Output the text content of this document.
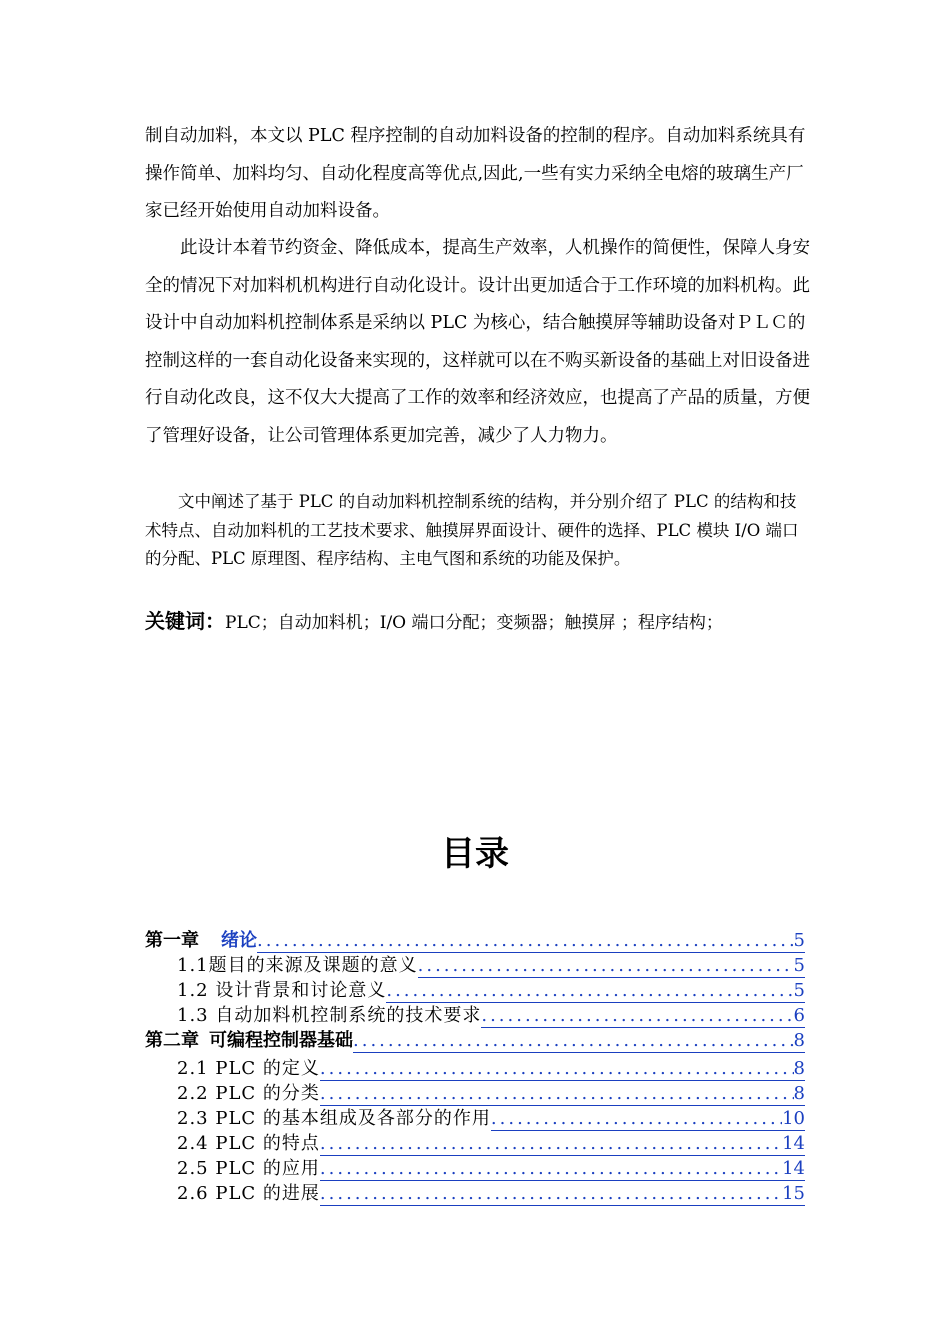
制自动加料，本文以 PLC 程序控制的自动加料设备的控制的程序。自动加料系统具有操作简单、加料均匀、自动化程度高等优点,因此,一些有实力采纳全电熔的玻璃生产厂家已经开始使用自动加料设备。

此设计本着节约资金、降低成本，提高生产效率，人机操作的简便性，保障人身安全的情况下对加料机机构进行自动化设计。设计出更加适合于工作环境的加料机构。此设计中自动加料机控制体系是采纳以 PLC 为核心，结合触摸屏等辅助设备对ＰＬＣ的控制这样的一套自动化设备来实现的，这样就可以在不购买新设备的基础上对旧设备进行自动化改良，这不仅大大提高了工作的效率和经济效应，也提高了产品的质量，方便了管理好设备，让公司管理体系更加完善，减少了人力物力。

文中阐述了基于 PLC 的自动加料机控制系统的结构，并分别介绍了 PLC 的结构和技术特点、自动加料机的工艺技术要求、触摸屏界面设计、硬件的选择、PLC 模块 I/O 端口的分配、PLC 原理图、程序结构、主电气图和系统的功能及保护。

关键词：PLC；自动加料机；I/O 端口分配；变频器；触摸屏 ；程序结构；
目录
第一章 绪论 .....	5
1.1题目的来源及课题的意义 .....	5
1.2 设计背景和讨论意义 .....	5
1.3 自动加料机控制系统的技术要求 .....	6
第二章 可编程控制器基础 .....	8
2.1 PLC 的定义 .....	8
2.2 PLC 的分类 .....	8
2.3 PLC 的基本组成及各部分的作用 .....	10
2.4 PLC 的特点 .....	14
2.5 PLC 的应用 .....	14
2.6 PLC 的进展 .....	15
